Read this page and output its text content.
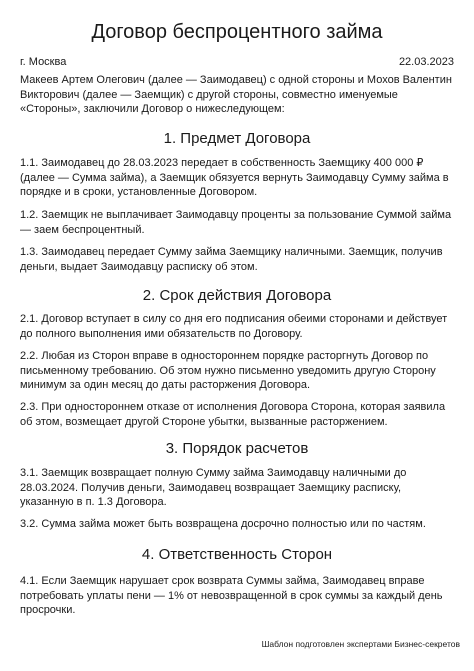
Договор беспроцентного займа
г. Москва	22.03.2023

Макеев Артем Олегович (далее — Заимодавец) с одной стороны и Мохов Валентин Викторович (далее — Заемщик) с другой стороны, совместно именуемые «Стороны», заключили Договор о нижеследующем:

1. Предмет Договора

1.1. Заимодавец до 28.03.2023 передает в собственность Заемщику 400 000 ₽ (далее — Сумма займа), а Заемщик обязуется вернуть Заимодавцу Сумму займа в порядке и в сроки, установленные Договором.

1.2. Заемщик не выплачивает Заимодавцу проценты за пользование Суммой займа — заем беспроцентный.

1.3. Заимодавец передает Сумму займа Заемщику наличными. Заемщик, получив деньги, выдает Заимодавцу расписку об этом.

2. Срок действия Договора

2.1. Договор вступает в силу со дня его подписания обеими сторонами и действует до полного выполнения ими обязательств по Договору.

2.2. Любая из Сторон вправе в одностороннем порядке расторгнуть Договор по письменному требованию. Об этом нужно письменно уведомить другую Сторону минимум за один месяц до даты расторжения Договора.

2.3. При одностороннем отказе от исполнения Договора Сторона, которая заявила об этом, возмещает другой Стороне убытки, вызванные расторжением.

3. Порядок расчетов

3.1. Заемщик возвращает полную Сумму займа Заимодавцу наличными до 28.03.2024. Получив деньги, Заимодавец возвращает Заемщику расписку, указанную в п. 1.3 Договора.

3.2. Сумма займа может быть возвращена досрочно полностью или по частям.

4. Ответственность Сторон

4.1. Если Заемщик нарушает срок возврата Суммы займа, Заимодавец вправе потребовать уплаты пени — 1% от невозвращенной в срок суммы за каждый день просрочки.

Шаблон подготовлен экспертами Бизнес-секретов
